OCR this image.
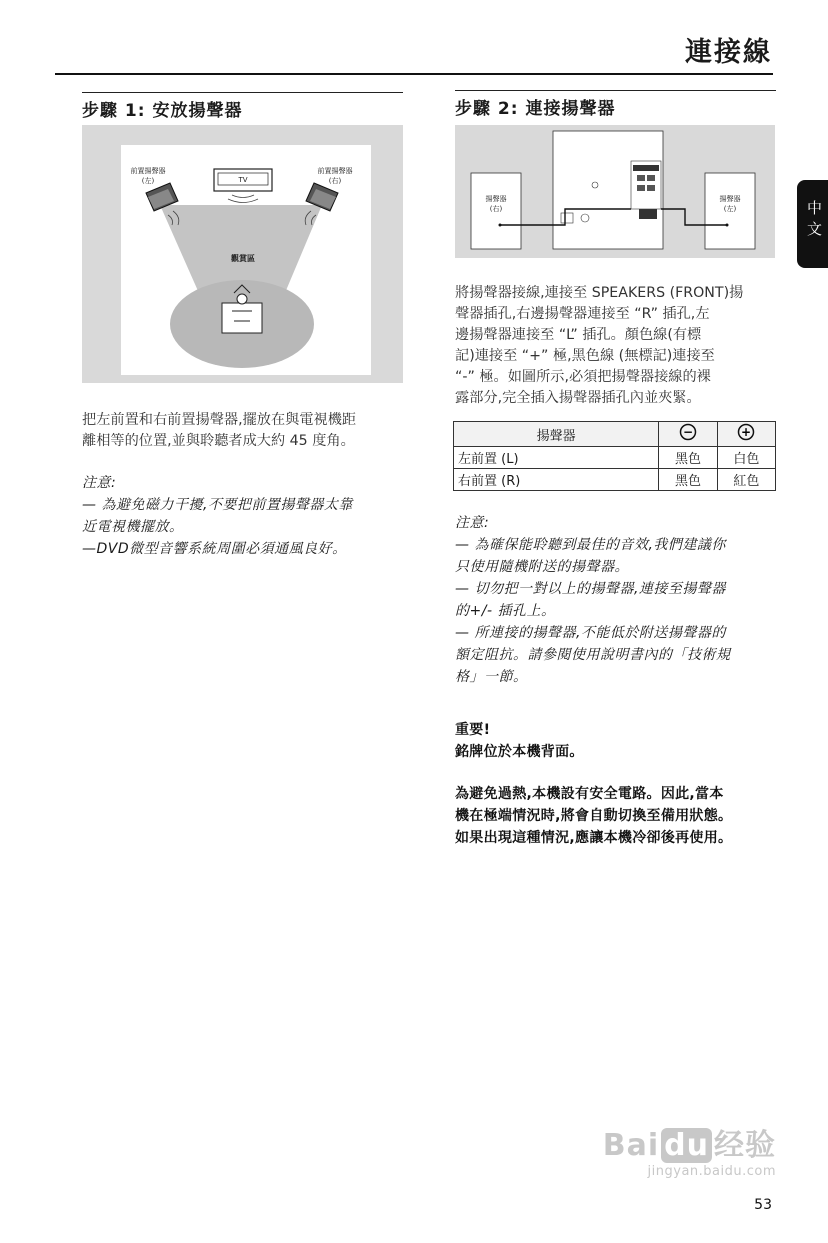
連接線
中文
步驟 1: 安放揚聲器
TV
前置揚聲器
(左)
前置揚聲器
(右)
觀賞區
把左前置和右前置揚聲器,擺放在與電視機距
離相等的位置,並與聆聽者成大約 45 度角。
注意:
— 為避免磁力干擾,不要把前置揚聲器太靠
近電視機擺放。
—DVD微型音響系統周圍必須通風良好。
步驟 2: 連接揚聲器
揚聲器
(右)
揚聲器
(左)
將揚聲器接線,連接至 SPEAKERS (FRONT)揚
聲器插孔,右邊揚聲器連接至 “R” 插孔,左
邊揚聲器連接至 “L” 插孔。顏色線(有標
記)連接至 “+” 極,黑色線 (無標記)連接至
“-” 極。如圖所示,必須把揚聲器接線的裸
露部分,完全插入揚聲器插孔內並夾緊。
揚聲器	−	+

左前置 (L)	黑色	白色
右前置 (R)	黑色	紅色
注意:
— 為確保能聆聽到最佳的音效,我們建議你
只使用隨機附送的揚聲器。
— 切勿把一對以上的揚聲器,連接至揚聲器
的+/- 插孔上。
— 所連接的揚聲器,不能低於附送揚聲器的
額定阻抗。請參閱使用說明書內的「技術規
格」一節。
重要!
銘牌位於本機背面。
為避免過熱,本機設有安全電路。因此,當本
機在極端情況時,將會自動切換至備用狀態。
如果出現這種情況,應讓本機冷卻後再使用。
Bai du 经验
jingyan.baidu.com
53
